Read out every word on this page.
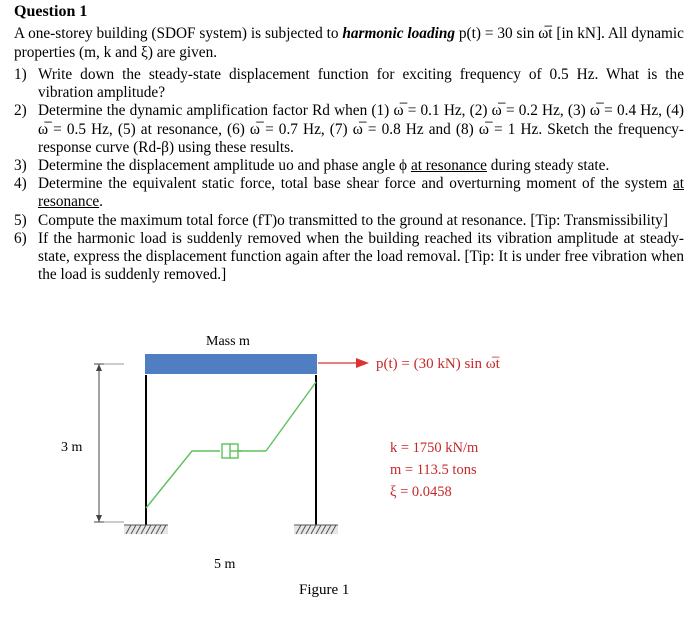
Question 1
A one-storey building (SDOF system) is subjected to harmonic loading p(t) = 30 sin ω̅t [in kN]. All dynamic properties (m, k and ξ) are given.
1) Write down the steady-state displacement function for exciting frequency of 0.5 Hz. What is the vibration amplitude?
2) Determine the dynamic amplification factor Rd when (1) ω̅ = 0.1 Hz, (2) ω̅ = 0.2 Hz, (3) ω̅ = 0.4 Hz, (4) ω̅ = 0.5 Hz, (5) at resonance, (6) ω̅ = 0.7 Hz, (7) ω̅ = 0.8 Hz and (8) ω̅ = 1 Hz. Sketch the frequency-response curve (Rd-β) using these results.
3) Determine the displacement amplitude uo and phase angle ϕ at resonance during steady state.
4) Determine the equivalent static force, total base shear force and overturning moment of the system at resonance.
5) Compute the maximum total force (fT)o transmitted to the ground at resonance. [Tip: Transmissibility]
6) If the harmonic load is suddenly removed when the building reached its vibration amplitude at steady-state, express the displacement function again after the load removal. [Tip: It is under free vibration when the load is suddenly removed.]
Mass m
p(t) = (30 kN) sin ω̅t
3 m
5 m
k = 1750 kN/m
m = 113.5 tons
ξ = 0.0458
Figure 1
